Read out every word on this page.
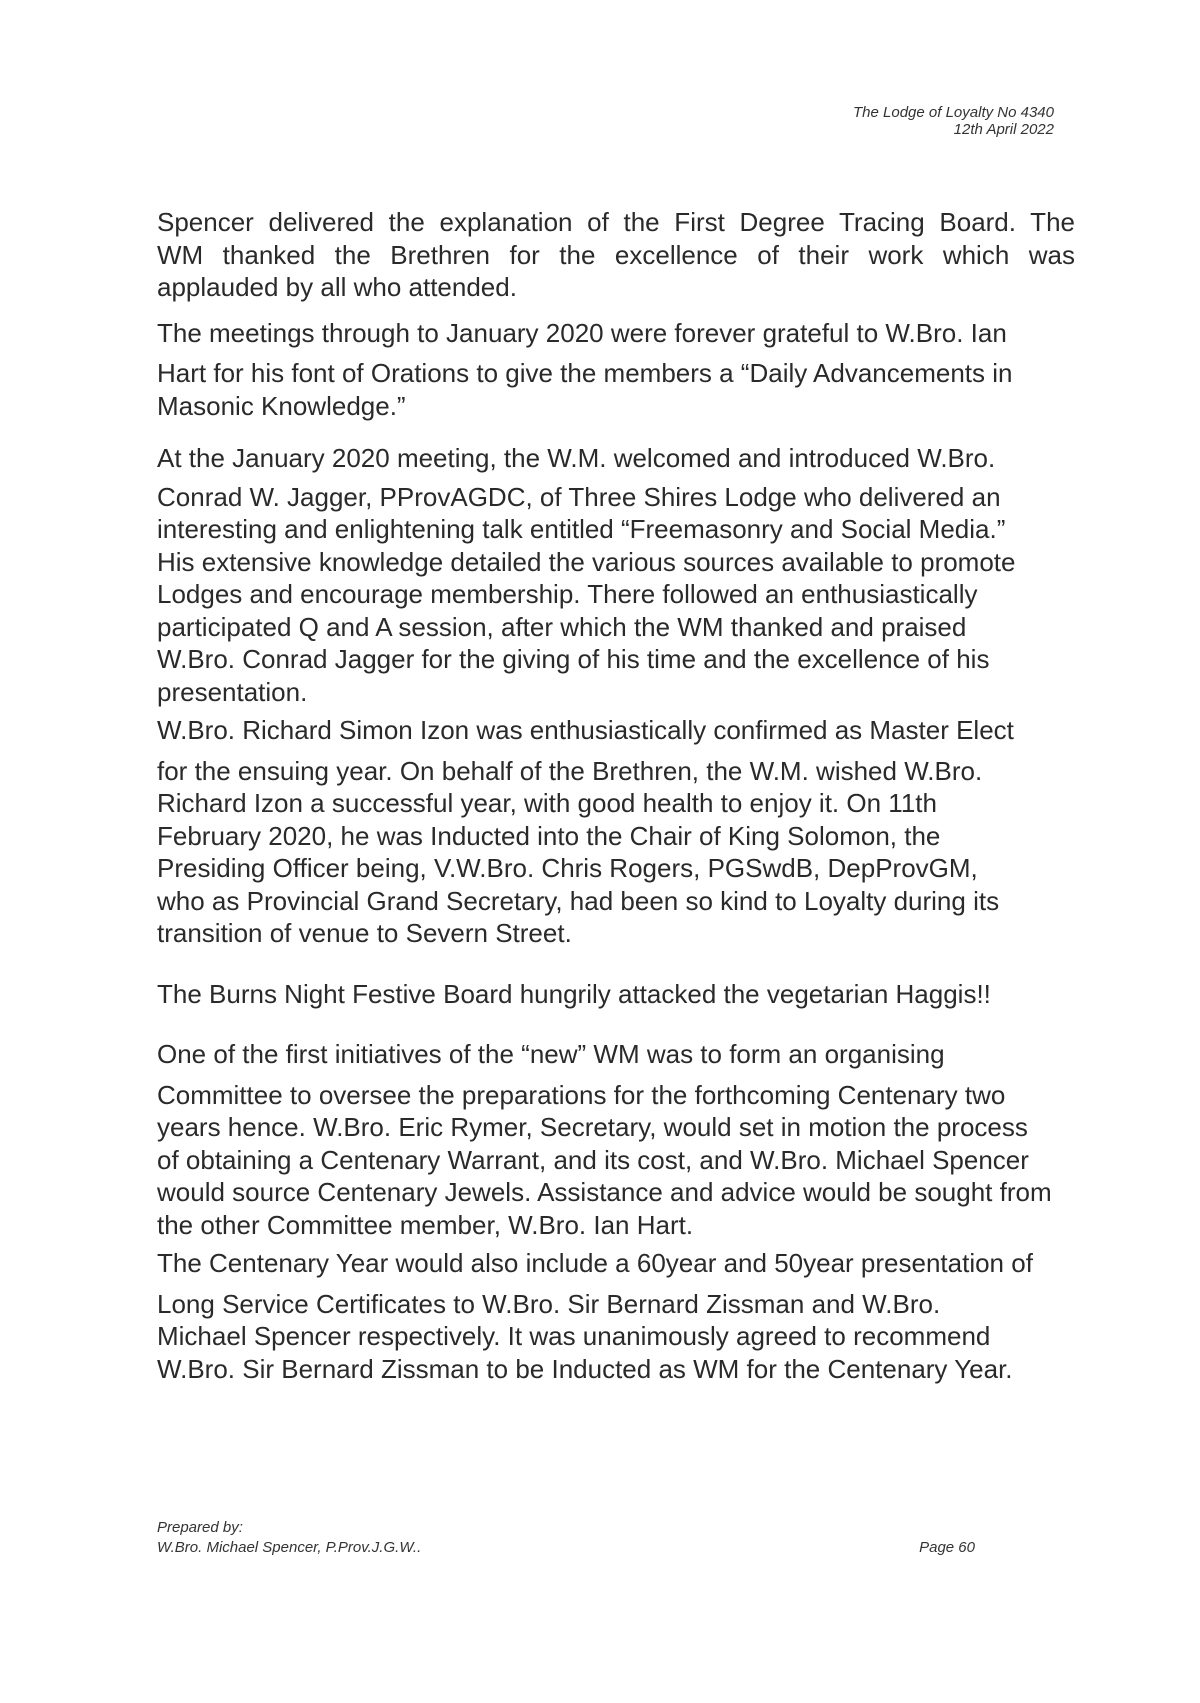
The Lodge of Loyalty No 4340
12th April 2022
Spencer delivered the explanation of the First Degree Tracing Board. The
WM thanked the Brethren for the excellence of their work which was
applauded by all who attended.
The meetings through to January 2020 were forever grateful to W.Bro. Ian
Hart for his font of Orations to give the members a “Daily Advancements in
Masonic Knowledge.”
At the January 2020 meeting, the W.M. welcomed and introduced W.Bro.
Conrad W. Jagger, PProvAGDC, of Three Shires Lodge who delivered an
interesting and enlightening talk entitled “Freemasonry and Social Media.”
His extensive knowledge detailed the various sources available to promote
Lodges and encourage membership. There followed an enthusiastically
participated Q and A session, after which the WM thanked and praised
W.Bro. Conrad Jagger for the giving of his time and the excellence of his
presentation.
W.Bro. Richard Simon Izon was enthusiastically confirmed as Master Elect
for the ensuing year. On behalf of the Brethren, the W.M. wished W.Bro.
Richard Izon a successful year, with good health to enjoy it. On 11th
February 2020, he was Inducted into the Chair of King Solomon, the
Presiding Officer being, V.W.Bro. Chris Rogers, PGSwdB, DepProvGM,
who as Provincial Grand Secretary, had been so kind to Loyalty during its
transition of venue to Severn Street.
The Burns Night Festive Board hungrily attacked the vegetarian Haggis!!
One of the first initiatives of the “new” WM was to form an organising
Committee to oversee the preparations for the forthcoming Centenary two
years hence. W.Bro. Eric Rymer, Secretary, would set in motion the process
of obtaining a Centenary Warrant, and its cost, and W.Bro. Michael Spencer
would source Centenary Jewels. Assistance and advice would be sought from
the other Committee member, W.Bro. Ian Hart.
The Centenary Year would also include a 60year and 50year presentation of
Long Service Certificates to W.Bro. Sir Bernard Zissman and W.Bro.
Michael Spencer respectively. It was unanimously agreed to recommend
W.Bro. Sir Bernard Zissman to be Inducted as WM for the Centenary Year.
Prepared by:
W.Bro. Michael Spencer, P.Prov.J.G.W..	Page 60
